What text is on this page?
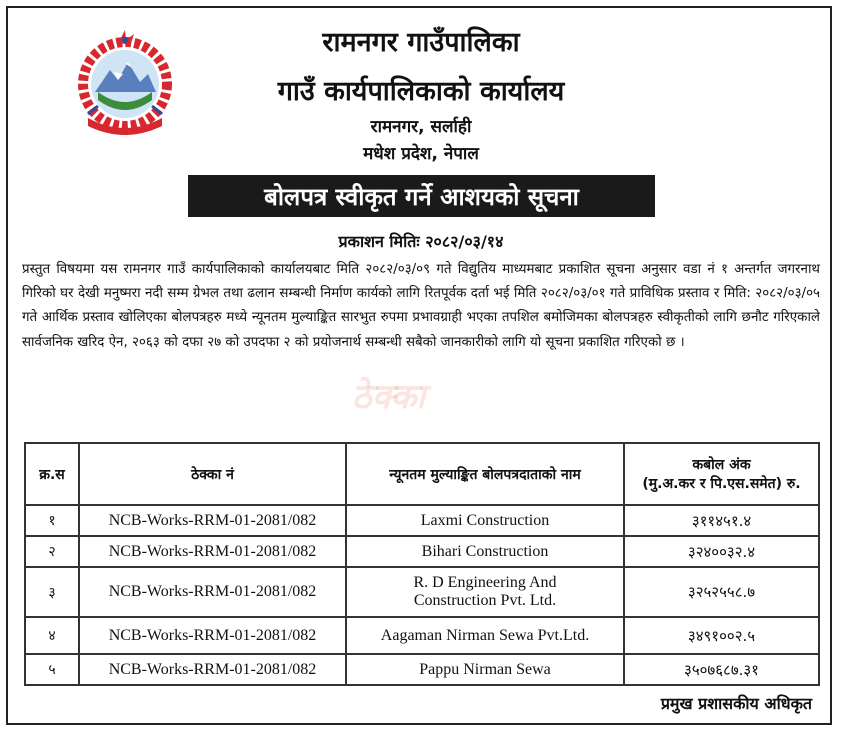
रामनगर गाउँपालिका
गाउँ कार्यपालिकाको कार्यालय
रामनगर, सर्लाही
मधेश प्रदेश, नेपाल
बोलपत्र स्वीकृत गर्ने आशयको सूचना
प्रकाशन मितिः २०८२/०३/१४
प्रस्तुत विषयमा यस रामनगर गाउँ कार्यपालिकाको कार्यालयबाट मिति २०८२/०३/०९ गते विद्युतिय माध्यमबाट प्रकाशित सूचना अनुसार वडा नं १ अन्तर्गत जगरनाथ गिरिको घर देखी मनुष्मरा नदी सम्म ग्रेभल तथा ढलान सम्बन्धी निर्माण कार्यको लागि रितपूर्वक दर्ता भई मिति २०८२/०३/०१ गते प्राविधिक प्रस्ताव र मिति: २०८२/०३/०५ गते आर्थिक प्रस्ताव खोलिएका बोलपत्रहरु मध्ये न्यूनतम मुल्याङ्कित सारभुत रुपमा प्रभावग्राही भएका तपशिल बमोजिमका बोलपत्रहरु स्वीकृतीको लागि छनौट गरिएकाले सार्वजनिक खरिद ऐन, २०६३ को दफा २७ को उपदफा २ को प्रयोजनार्थ सम्बन्धी सबैको जानकारीको लागि यो सूचना प्रकाशित गरिएको छ ।
ठेक्का
क्र.स	ठेक्का नं	न्यूनतम मुल्याङ्कित बोलपत्रदाताको नाम	कबोल अंक
(मु.अ.कर र पि.एस.समेत) रु.

१	NCB-Works-RRM-01-2081/082	Laxmi Construction	३११४५१.४
२	NCB-Works-RRM-01-2081/082	Bihari Construction	३२४००३२.४
३	NCB-Works-RRM-01-2081/082	R. D Engineering And
Construction Pvt. Ltd.	३२५२५५८.७
४	NCB-Works-RRM-01-2081/082	Aagaman Nirman Sewa Pvt.Ltd.	३४९१००२.५
५	NCB-Works-RRM-01-2081/082	Pappu Nirman Sewa	३५०७६८७.३१
प्रमुख प्रशासकीय अधिकृत
